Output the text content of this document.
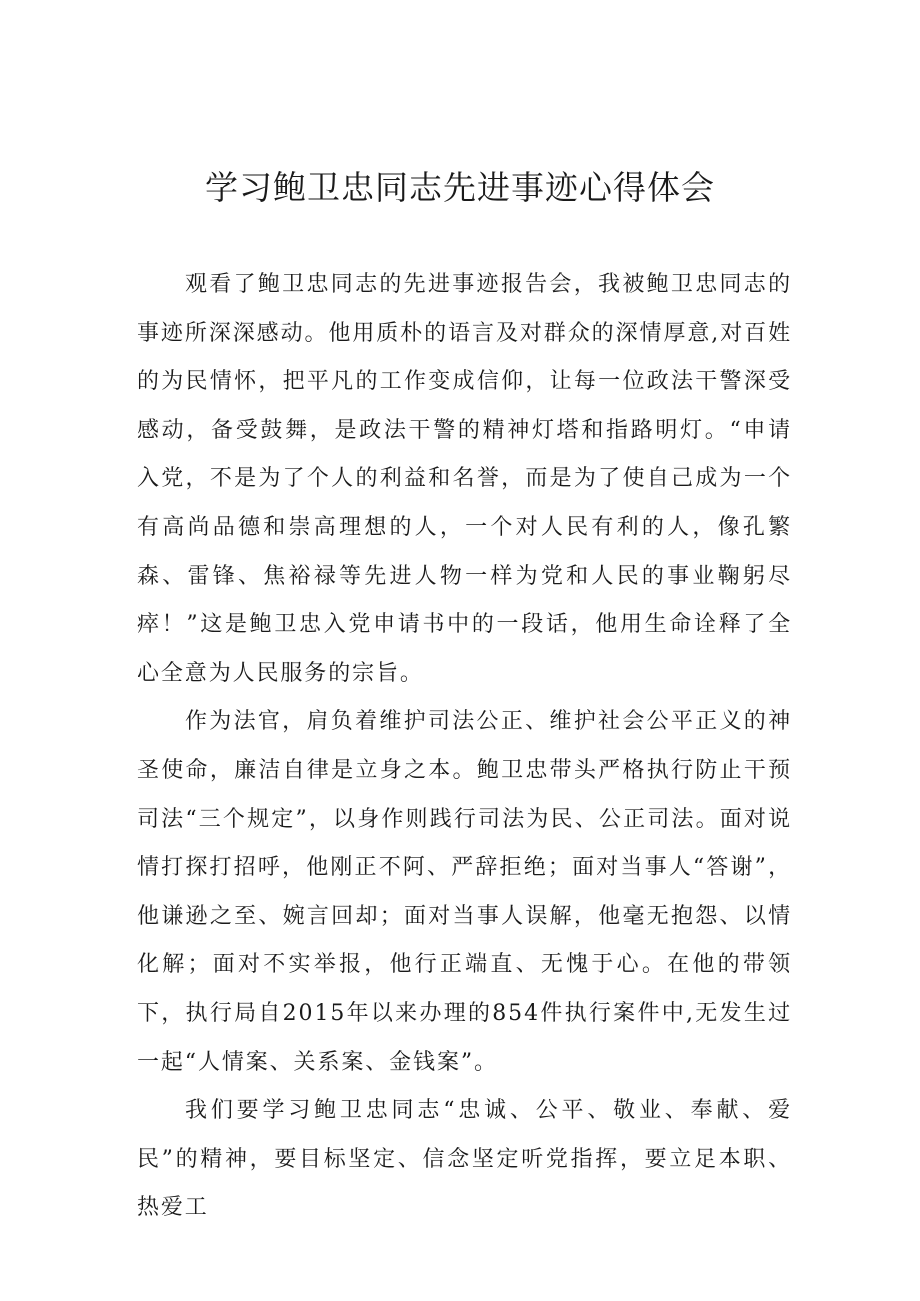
学习鲍卫忠同志先进事迹心得体会

观看了鲍卫忠同志的先进事迹报告会，我被鲍卫忠同志的事迹所深深感动。他用质朴的语言及对群众的深情厚意,对百姓的为民情怀，把平凡的工作变成信仰，让每一位政法干警深受感动，备受鼓舞，是政法干警的精神灯塔和指路明灯。“申请入党，不是为了个人的利益和名誉，而是为了使自己成为一个有高尚品德和崇高理想的人，一个对人民有利的人，像孔繁森、雷锋、焦裕禄等先进人物一样为党和人民的事业鞠躬尽瘁！”这是鲍卫忠入党申请书中的一段话，他用生命诠释了全心全意为人民服务的宗旨。

作为法官，肩负着维护司法公正、维护社会公平正义的神圣使命，廉洁自律是立身之本。鲍卫忠带头严格执行防止干预司法“三个规定”，以身作则践行司法为民、公正司法。面对说情打探打招呼，他刚正不阿、严辞拒绝；面对当事人“答谢”，他谦逊之至、婉言回却；面对当事人误解，他毫无抱怨、以情化解；面对不实举报，他行正端直、无愧于心。在他的带领下，执行局自2015年以来办理的854件执行案件中,无发生过一起“人情案、关系案、金钱案”。

我们要学习鲍卫忠同志“忠诚、公平、敬业、奉献、爱民”的精神，要目标坚定、信念坚定听党指挥，要立足本职、热爱工
